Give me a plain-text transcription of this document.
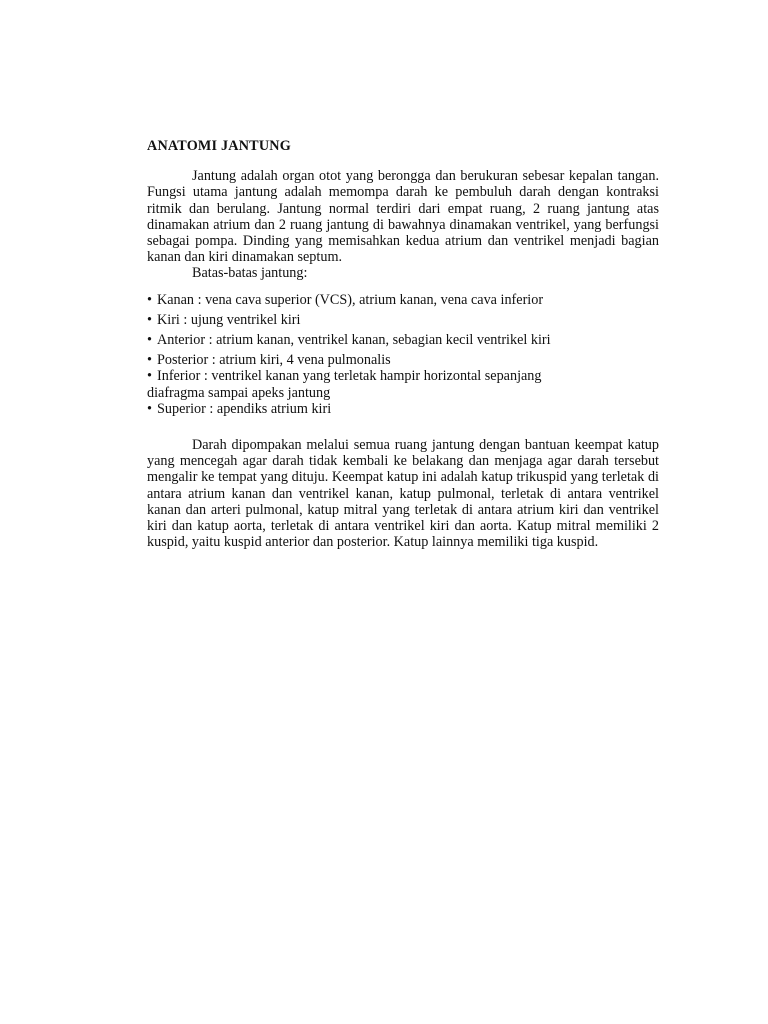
ANATOMI JANTUNG

Jantung adalah organ otot yang berongga dan berukuran sebesar kepalan tangan. Fungsi utama jantung adalah memompa darah ke pembuluh darah dengan kontraksi ritmik dan berulang. Jantung normal terdiri dari empat ruang, 2 ruang jantung atas dinamakan atrium dan 2 ruang jantung di bawahnya dinamakan ventrikel, yang berfungsi sebagai pompa. Dinding yang memisahkan kedua atrium dan ventrikel menjadi bagian kanan dan kiri dinamakan septum.

Batas-batas jantung:

• Kanan : vena cava superior (VCS), atrium kanan, vena cava inferior
• Kiri : ujung ventrikel kiri
• Anterior : atrium kanan, ventrikel kanan, sebagian kecil ventrikel kiri
• Posterior : atrium kiri, 4 vena pulmonalis
• Inferior : ventrikel kanan yang terletak hampir horizontal sepanjang diafragma sampai apeks jantung
• Superior : apendiks atrium kiri

Darah dipompakan melalui semua ruang jantung dengan bantuan keempat katup yang mencegah agar darah tidak kembali ke belakang dan menjaga agar darah tersebut mengalir ke tempat yang dituju. Keempat katup ini adalah katup trikuspid yang terletak di antara atrium kanan dan ventrikel kanan, katup pulmonal, terletak di antara ventrikel kanan dan arteri pulmonal, katup mitral yang terletak di antara atrium kiri dan ventrikel kiri dan katup aorta, terletak di antara ventrikel kiri dan aorta. Katup mitral memiliki 2 kuspid, yaitu kuspid anterior dan posterior. Katup lainnya memiliki tiga kuspid.
